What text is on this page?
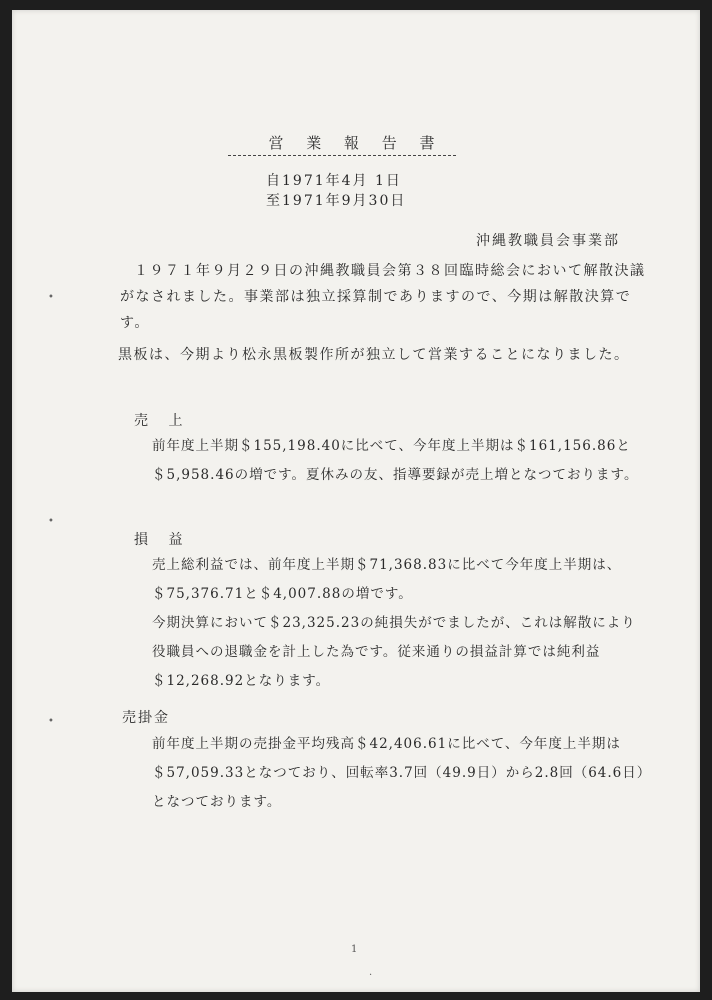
•
•
•
営 業 報 告 書
自1971年4月 1日
至1971年9月30日
沖縄教職員会事業部
１９７１年９月２９日の沖縄教職員会第３８回臨時総会において解散決議がなされました。事業部は独立採算制でありますので、今期は解散決算です。
黒板は、今期より松永黒板製作所が独立して営業することになりました。
売 上
前年度上半期＄155,198.40に比べて、今年度上半期は＄161,156.86と＄5,958.46の増です。夏休みの友、指導要録が売上増となつております。
損 益
売上総利益では、前年度上半期＄71,368.83に比べて今年度上半期は、＄75,376.71と＄4,007.88の増です。
今期決算において＄23,325.23の純損失がでましたが、これは解散により役職員への退職金を計上した為です。従来通りの損益計算では純利益＄12,268.92となります。
売掛金
前年度上半期の売掛金平均残高＄42,406.61に比べて、今年度上半期は＄57,059.33となつており、回転率3.7回（49.9日）から2.8回（64.6日）となつております。
1
·
